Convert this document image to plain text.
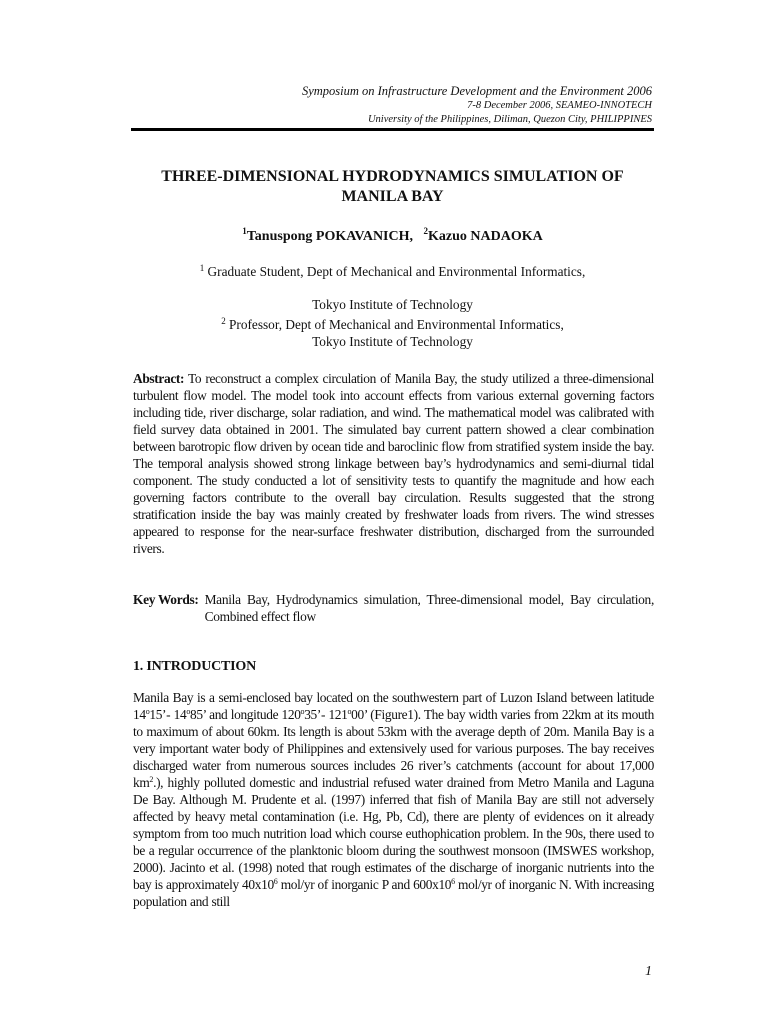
Symposium on Infrastructure Development and the Environment 2006
7-8 December 2006, SEAMEO-INNOTECH
University of the Philippines, Diliman, Quezon City, PHILIPPINES
THREE-DIMENSIONAL HYDRODYNAMICS SIMULATION OF
MANILA BAY
$^1$Tanuspong POKAVANICH, $^2$Kazuo NADAOKA
$^1$ Graduate Student, Dept of Mechanical and Environmental Informatics,
Tokyo Institute of Technology
$^2$ Professor, Dept of Mechanical and Environmental Informatics,
Tokyo Institute of Technology
Abstract: To reconstruct a complex circulation of Manila Bay, the study utilized a three-dimensional turbulent flow model. The model took into account effects from various external governing factors including tide, river discharge, solar radiation, and wind. The mathematical model was calibrated with field survey data obtained in 2001. The simulated bay current pattern showed a clear combination between barotropic flow driven by ocean tide and baroclinic flow from stratified system inside the bay. The temporal analysis showed strong linkage between bay’s hydrodynamics and semi-diurnal tidal component. The study conducted a lot of sensitivity tests to quantify the magnitude and how each governing factors contribute to the overall bay circulation. Results suggested that the strong stratification inside the bay was mainly created by freshwater loads from rivers. The wind stresses appeared to response for the near-surface freshwater distribution, discharged from the surrounded rivers.
Key Words: Manila Bay, Hydrodynamics simulation, Three-dimensional model, Bay circulation, Combined effect flow
1. INTRODUCTION
Manila Bay is a semi-enclosed bay located on the southwestern part of Luzon Island between latitude 14$^o$15’- 14$^o$85’ and longitude 120$^o$35’- 121$^o$00’ (Figure1). The bay width varies from 22km at its mouth to maximum of about 60km. Its length is about 53km with the average depth of 20m. Manila Bay is a very important water body of Philippines and extensively used for various purposes. The bay receives discharged water from numerous sources includes 26 river’s catchments (account for about 17,000 $km^2$.), highly polluted domestic and industrial refused water drained from Metro Manila and Laguna De Bay. Although M. Prudente et al. (1997) inferred that fish of Manila Bay are still not adversely affected by heavy metal contamination (i.e. Hg, Pb, Cd), there are plenty of evidences on it already symptom from too much nutrition load which course euthophication problem. In the 90s, there used to be a regular occurrence of the planktonic bloom during the southwest monsoon (IMSWES workshop, 2000). Jacinto et al. (1998) noted that rough estimates of the discharge of inorganic nutrients into the bay is approximately $40x10^6$ mol/yr of inorganic P and $600x10^6$ mol/yr of inorganic N. With increasing population and still
1
